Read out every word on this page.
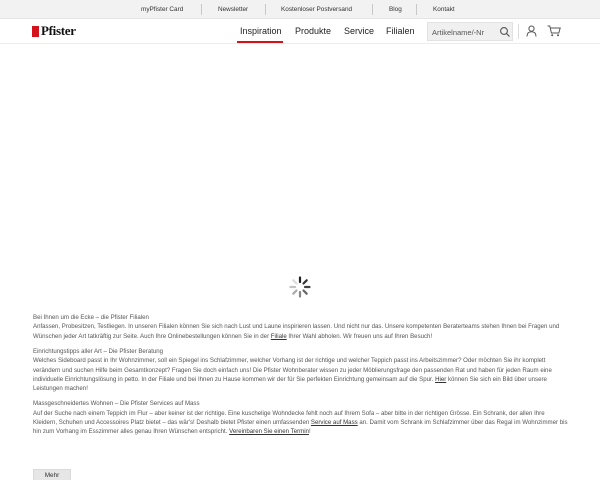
myPfister Card	Newsletter	Kostenloser Postversand	Blog	Kontakt
Pfister	Inspiration Produkte Service Filialen
Artikelname/-Nr

Bei Ihnen um die Ecke – die Pfister Filialen
Anfassen, Probesitzen, Testliegen. In unseren Filialen können Sie sich nach Lust und Laune inspirieren lassen. Und nicht nur das. Unsere kompetenten Beraterteams stehen Ihnen bei Fragen und Wünschen jeder Art tatkräftig zur Seite. Auch Ihre Onlinebestellungen können Sie in der Filiale Ihrer Wahl abholen. Wir freuen uns auf Ihren Besuch!

Einrichtungstipps aller Art – Die Pfister Beratung
Welches Sideboard passt in Ihr Wohnzimmer, soll ein Spiegel ins Schlafzimmer, welcher Vorhang ist der richtige und welcher Teppich passt ins Arbeitszimmer? Oder möchten Sie ihr komplett verändern und suchen Hilfe beim Gesamtkonzept? Fragen Sie doch einfach uns! Die Pfister Wohnberater wissen zu jeder Möblierungsfrage den passenden Rat und haben für jeden Raum eine individuelle Einrichtungslösung in petto. In der Filiale und bei Ihnen zu Hause kommen wir der für Sie perfekten Einrichtung gemeinsam auf die Spur. Hier können Sie sich ein Bild über unsere Leistungen machen!

Massgeschneidertes Wohnen – Die Pfister Services auf Mass
Auf der Suche nach einem Teppich im Flur – aber keiner ist der richtige. Eine kuschelige Wohndecke fehlt noch auf Ihrem Sofa – aber bitte in der richtigen Grösse. Ein Schrank, der allen Ihre Kleidern, Schuhen und Accessoires Platz bietet – das wär's! Deshalb bietet Pfister einen umfassenden Service auf Mass an. Damit vom Schrank im Schlafzimmer über das Regal im Wohnzimmer bis hin zum Vorhang im Esszimmer alles genau Ihren Wünschen entspricht. Vereinbaren Sie einen Termin!

Mehr
